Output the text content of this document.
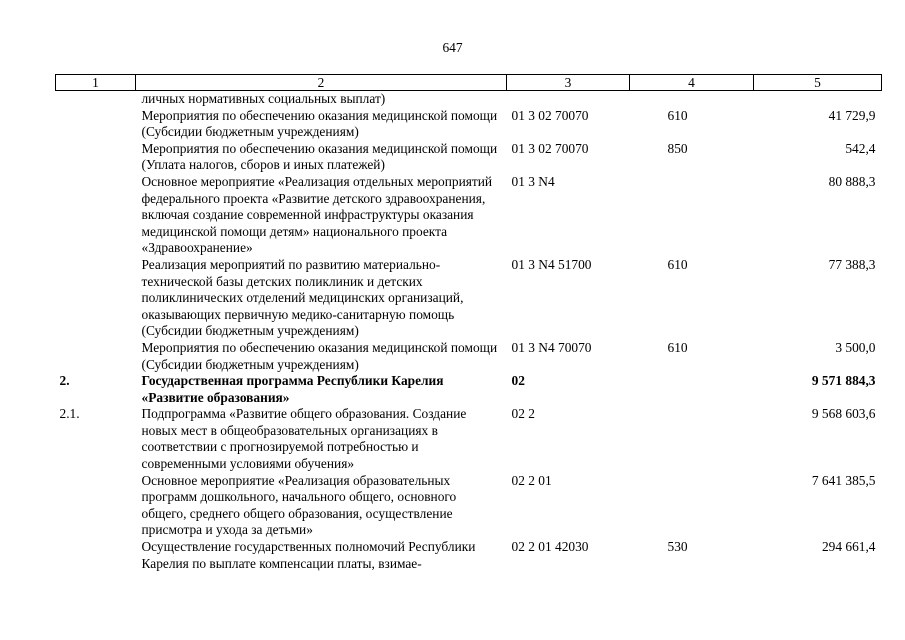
647
1	2	3	4	5
	личных нормативных социальных выплат)			
	Мероприятия по обеспечению оказания медицинской помощи (Субсидии бюджетным учреждениям)	01 3 02 70070	610	41 729,9
	Мероприятия по обеспечению оказания медицинской помощи (Уплата налогов, сборов и иных платежей)	01 3 02 70070	850	542,4
	Основное мероприятие «Реализация отдельных мероприятий федерального проекта «Развитие детского здравоохранения, включая создание современной инфраструктуры оказания медицинской помощи детям» национального проекта «Здравоохранение»	01 3 N4		80 888,3
	Реализация мероприятий по развитию материально-технической базы детских поликлиник и детских поликлинических отделений медицинских организаций, оказывающих первичную медико-санитарную помощь (Субсидии бюджетным учреждениям)	01 3 N4 51700	610	77 388,3
	Мероприятия по обеспечению оказания медицинской помощи (Субсидии бюджетным учреждениям)	01 3 N4 70070	610	3 500,0
2.	Государственная программа Республики Карелия «Развитие образования»	02		9 571 884,3
2.1.	Подпрограмма «Развитие общего образования. Создание новых мест в общеобразовательных организациях в соответствии с прогнозируемой потребностью и современными условиями обучения»	02 2		9 568 603,6
	Основное мероприятие «Реализация образовательных программ дошкольного, начального общего, основного общего, среднего общего образования, осуществление присмотра и ухода за детьми»	02 2 01		7 641 385,5
	Осуществление государственных полномочий Республики Карелия по выплате компенсации платы, взимае-	02 2 01 42030	530	294 661,4
